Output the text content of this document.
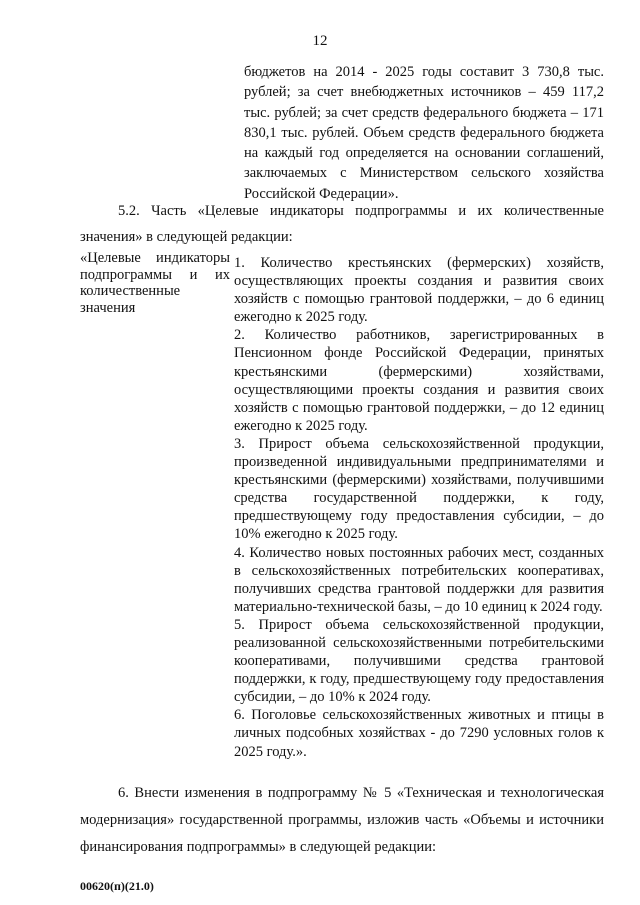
12
бюджетов на 2014 - 2025 годы составит 3 730,8 тыс. рублей; за счет внебюджетных источников – 459 117,2 тыс. рублей; за счет средств федерального бюджета – 171 830,1 тыс. рублей. Объем средств федерального бюджета на каждый год определяется на основании соглашений, заключаемых с Министерством сельского хозяйства Российской Федерации».
5.2. Часть «Целевые индикаторы подпрограммы и их количественные значения» в следующей редакции:
«Целевые индикаторы подпрограммы и их количественные значения
1. Количество крестьянских (фермерских) хозяйств, осуществляющих проекты создания и развития своих хозяйств с помощью грантовой поддержки, – до 6 единиц ежегодно к 2025 году.
2. Количество работников, зарегистрированных в Пенсионном фонде Российской Федерации, принятых крестьянскими (фермерскими) хозяйствами, осуществляющими проекты создания и развития своих хозяйств с помощью грантовой поддержки, – до 12 единиц ежегодно к 2025 году.
3. Прирост объема сельскохозяйственной продукции, произведенной индивидуальными предпринимателями и крестьянскими (фермерскими) хозяйствами, получившими средства государственной поддержки, к году, предшествующему году предоставления субсидии, – до 10% ежегодно к 2025 году.
4. Количество новых постоянных рабочих мест, созданных в сельскохозяйственных потребительских кооперативах, получивших средства грантовой поддержки для развития материально-технической базы, – до 10 единиц к 2024 году.
5. Прирост объема сельскохозяйственной продукции, реализованной сельскохозяйственными потребительскими кооперативами, получившими средства грантовой поддержки, к году, предшествующему году предоставления субсидии, – до 10% к 2024 году.
6. Поголовье сельскохозяйственных животных и птицы в личных подсобных хозяйствах - до 7290 условных голов к 2025 году.».
6. Внести изменения в подпрограмму № 5 «Техническая и технологическая модернизация» государственной программы, изложив часть «Объемы и источники финансирования подпрограммы» в следующей редакции:
00620(п)(21.0)
